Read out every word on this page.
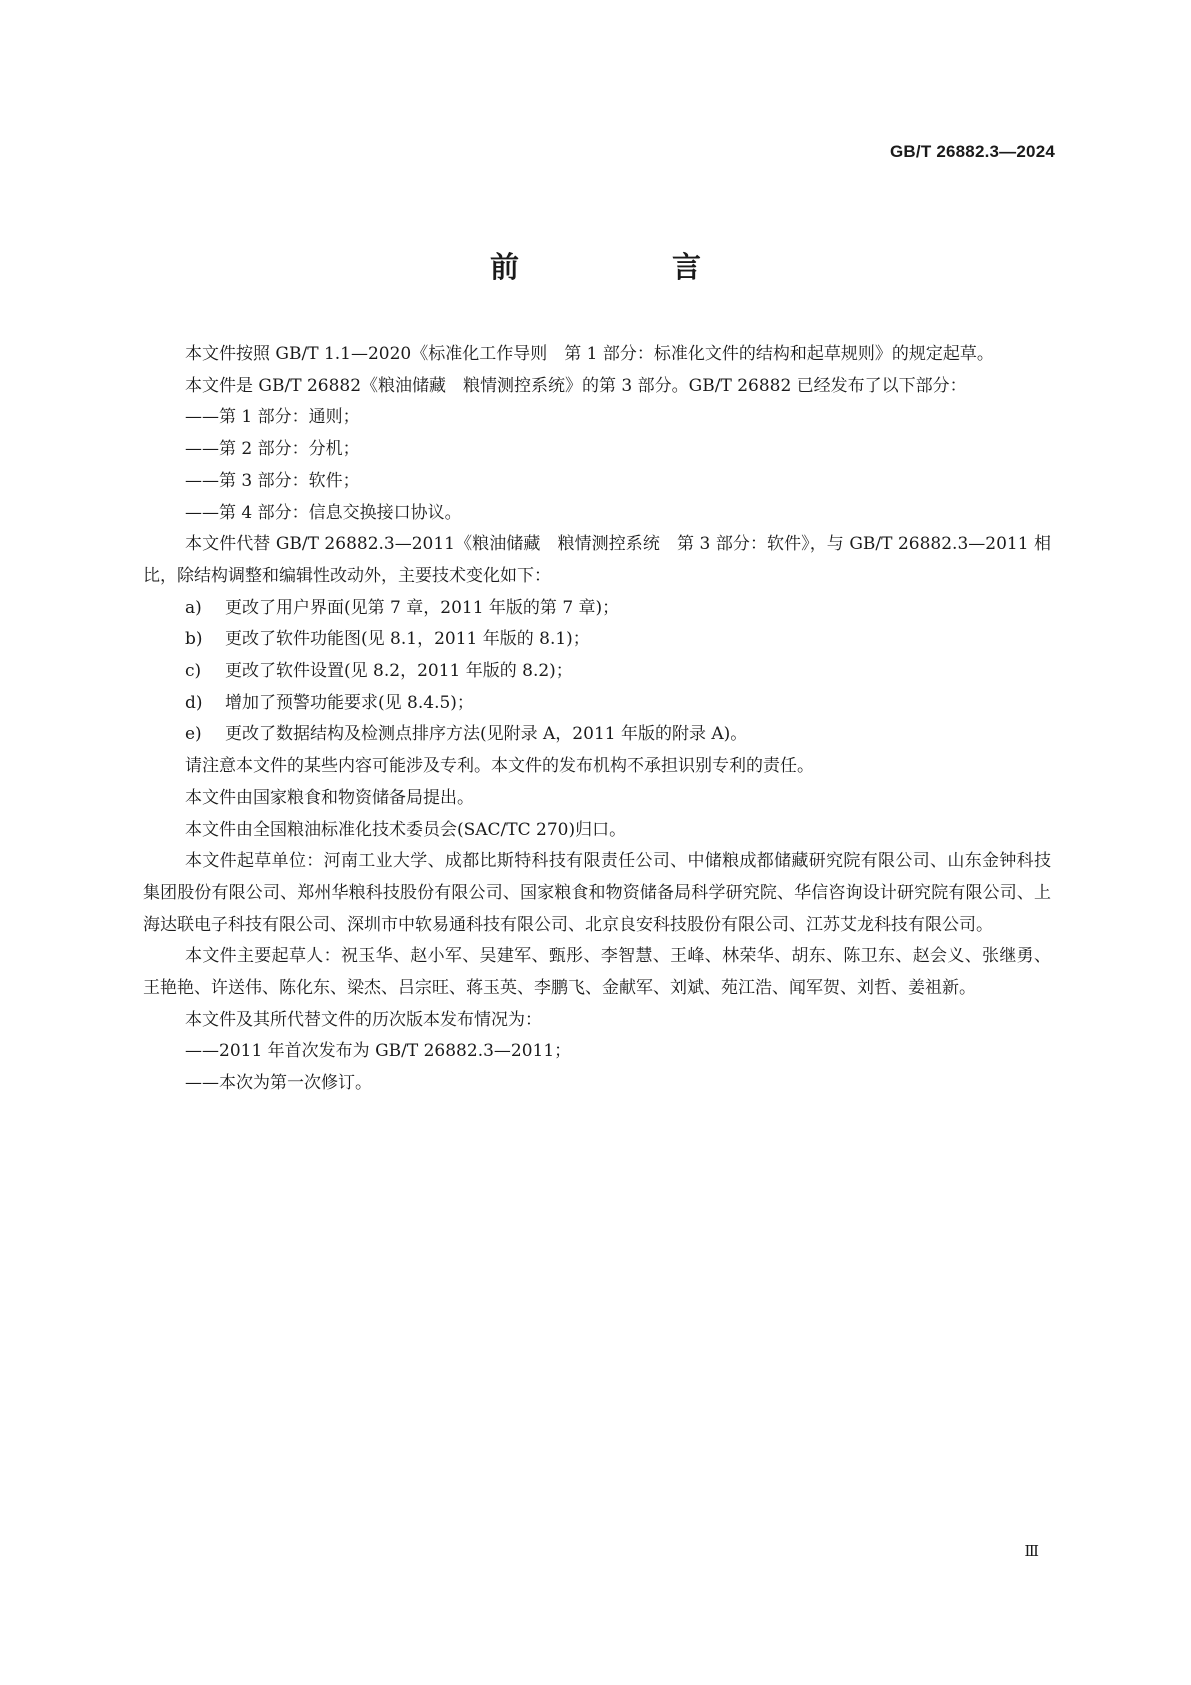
GB/T 26882.3—2024
前　言

本文件按照 GB/T 1.1—2020《标准化工作导则　第 1 部分：标准化文件的结构和起草规则》的规定起草。

本文件是 GB/T 26882《粮油储藏　粮情测控系统》的第 3 部分。GB/T 26882 已经发布了以下部分：

——第 1 部分：通则；

——第 2 部分：分机；

——第 3 部分：软件；

——第 4 部分：信息交换接口协议。

本文件代替 GB/T 26882.3—2011《粮油储藏　粮情测控系统　第 3 部分：软件》，与 GB/T 26882.3—2011 相比，除结构调整和编辑性改动外，主要技术变化如下：

a) 更改了用户界面(见第 7 章，2011 年版的第 7 章)；

b) 更改了软件功能图(见 8.1，2011 年版的 8.1)；

c) 更改了软件设置(见 8.2，2011 年版的 8.2)；

d) 增加了预警功能要求(见 8.4.5)；

e) 更改了数据结构及检测点排序方法(见附录 A，2011 年版的附录 A)。

请注意本文件的某些内容可能涉及专利。本文件的发布机构不承担识别专利的责任。

本文件由国家粮食和物资储备局提出。

本文件由全国粮油标准化技术委员会(SAC/TC 270)归口。

本文件起草单位：河南工业大学、成都比斯特科技有限责任公司、中储粮成都储藏研究院有限公司、山东金钟科技集团股份有限公司、郑州华粮科技股份有限公司、国家粮食和物资储备局科学研究院、华信咨询设计研究院有限公司、上海达联电子科技有限公司、深圳市中软易通科技有限公司、北京良安科技股份有限公司、江苏艾龙科技有限公司。

本文件主要起草人：祝玉华、赵小军、吴建军、甄彤、李智慧、王峰、林荣华、胡东、陈卫东、赵会义、张继勇、王艳艳、许送伟、陈化东、梁杰、吕宗旺、蒋玉英、李鹏飞、金献军、刘斌、苑江浩、闻军贺、刘哲、姜祖新。

本文件及其所代替文件的历次版本发布情况为：

——2011 年首次发布为 GB/T 26882.3—2011；

——本次为第一次修订。

Ⅲ
